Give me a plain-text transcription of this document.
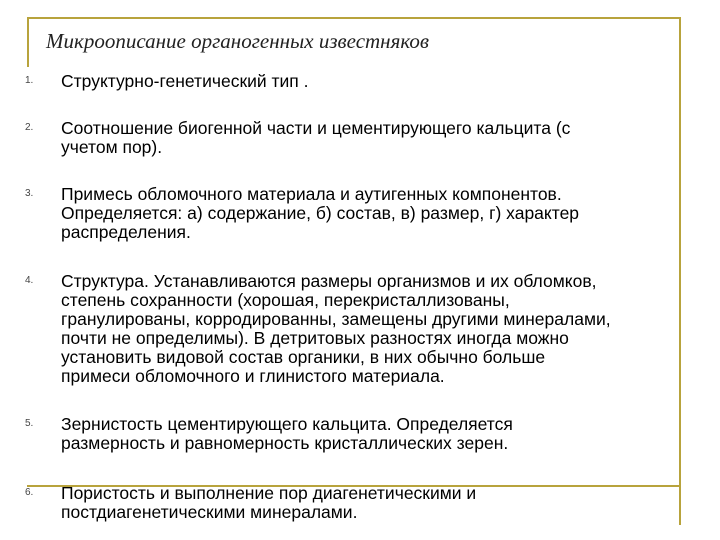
Микроописание органогенных известняков
1. Структурно-генетический тип .
2. Соотношение биогенной части и цементирующего кальцита (с
учетом пор).
3. Примесь обломочного материала и аутигенных компонентов.
Определяется: а) содержание, б) состав, в) размер, г) характер
распределения.
4. Структура. Устанавливаются размеры организмов и их обломков,
степень сохранности (хорошая, перекристаллизованы,
гранулированы, корродированны, замещены другими минералами,
почти не определимы). В детритовых разностях иногда можно
установить видовой состав органики, в них обычно больше
примеси обломочного и глинистого материала.
5. Зернистость цементирующего кальцита. Определяется
размерность и равномерность кристаллических зерен.
6. Пористость и выполнение пор диагенетическими и
постдиагенетическими минералами.
